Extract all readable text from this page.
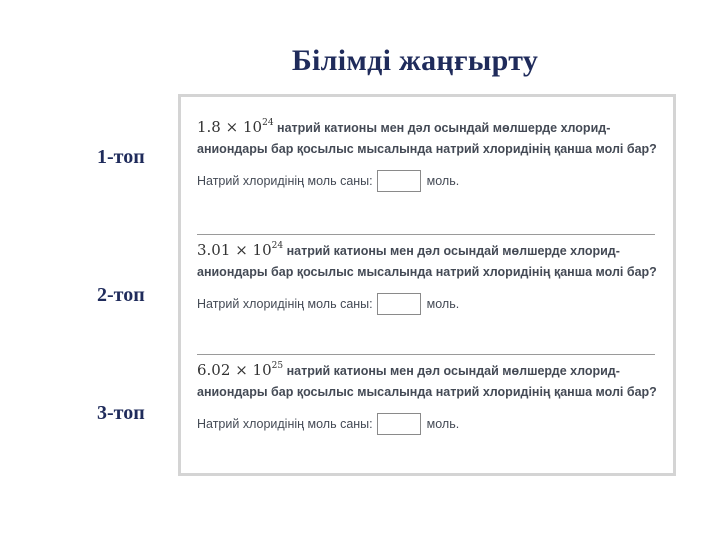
Білімді жаңғырту
1-топ
2-топ
3-топ
$1.8 \times 10^{24}$ натрий катионы мен дәл осындай мөлшерде хлорид-аниондары бар қосылыс мысалында натрий хлоридінің қанша молі бар?
Натрий хлоридінің моль саны:	моль.
$3.01 \times 10^{24}$ натрий катионы мен дәл осындай мөлшерде хлорид-аниондары бар қосылыс мысалында натрий хлоридінің қанша молі бар?
Натрий хлоридінің моль саны:	моль.
$6.02 \times 10^{25}$ натрий катионы мен дәл осындай мөлшерде хлорид-аниондары бар қосылыс мысалында натрий хлоридінің қанша молі бар?
Натрий хлоридінің моль саны:	моль.
